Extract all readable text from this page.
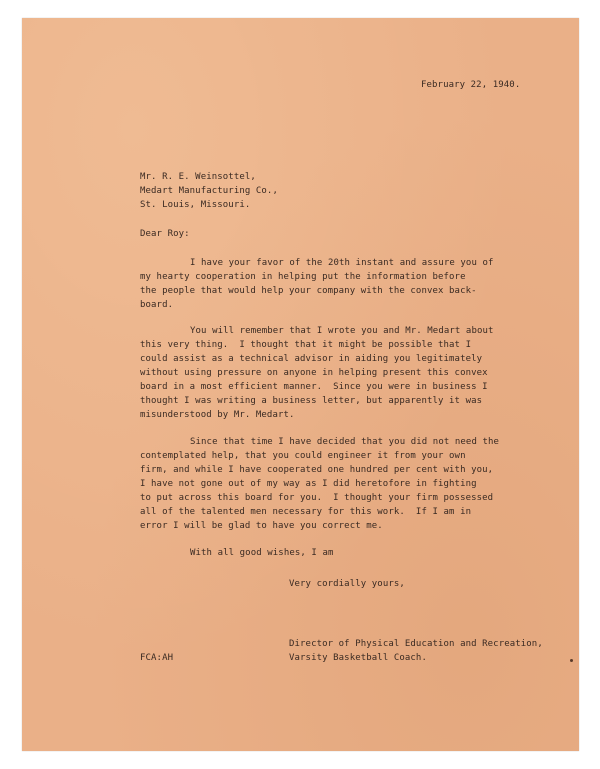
February 22, 1940.
Mr. R. E. Weinsottel,
Medart Manufacturing Co.,
St. Louis, Missouri.
Dear Roy:
I have your favor of the 20th instant and assure you of
my hearty cooperation in helping put the information before
the people that would help your company with the convex back-
board.
You will remember that I wrote you and Mr. Medart about
this very thing.  I thought that it might be possible that I
could assist as a technical advisor in aiding you legitimately
without using pressure on anyone in helping present this convex
board in a most efficient manner.  Since you were in business I
thought I was writing a business letter, but apparently it was
misunderstood by Mr. Medart.
Since that time I have decided that you did not need the
contemplated help, that you could engineer it from your own
firm, and while I have cooperated one hundred per cent with you,
I have not gone out of my way as I did heretofore in fighting
to put across this board for you.  I thought your firm possessed
all of the talented men necessary for this work.  If I am in
error I will be glad to have you correct me.
With all good wishes, I am
Very cordially yours,
Director of Physical Education and Recreation,
Varsity Basketball Coach.
FCA:AH
